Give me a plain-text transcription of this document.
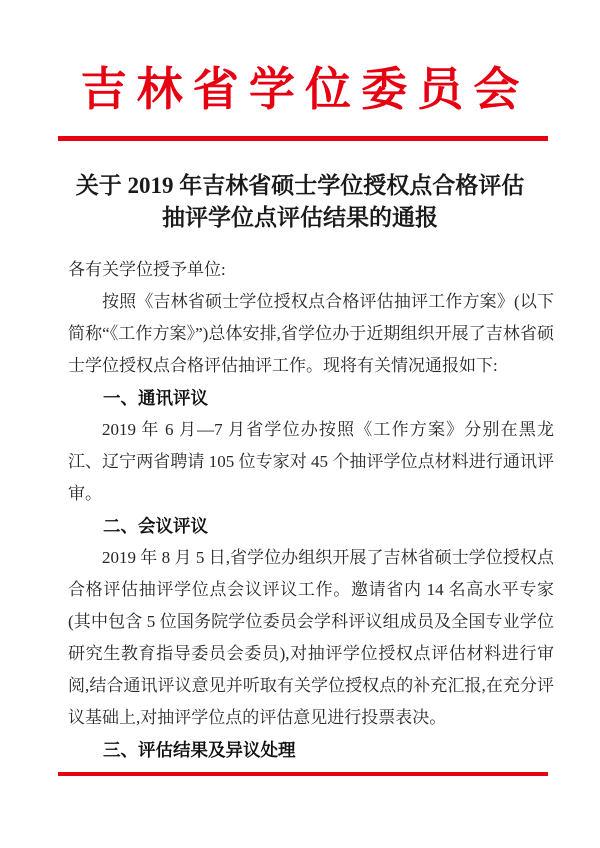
吉林省学位委员会
关于 2019 年吉林省硕士学位授权点合格评估
抽评学位点评估结果的通报

各有关学位授予单位:

按照《吉林省硕士学位授权点合格评估抽评工作方案》(以下简称“《工作方案》”)总体安排,省学位办于近期组织开展了吉林省硕士学位授权点合格评估抽评工作。现将有关情况通报如下:

一、通讯评议

2019 年 6 月—7 月省学位办按照《工作方案》分别在黑龙江、辽宁两省聘请 105 位专家对 45 个抽评学位点材料进行通讯评审。

二、会议评议

2019 年 8 月 5 日,省学位办组织开展了吉林省硕士学位授权点合格评估抽评学位点会议评议工作。邀请省内 14 名高水平专家(其中包含 5 位国务院学位委员会学科评议组成员及全国专业学位研究生教育指导委员会委员),对抽评学位授权点评估材料进行审阅,结合通讯评议意见并听取有关学位授权点的补充汇报,在充分评议基础上,对抽评学位点的评估意见进行投票表决。

三、评估结果及异议处理
